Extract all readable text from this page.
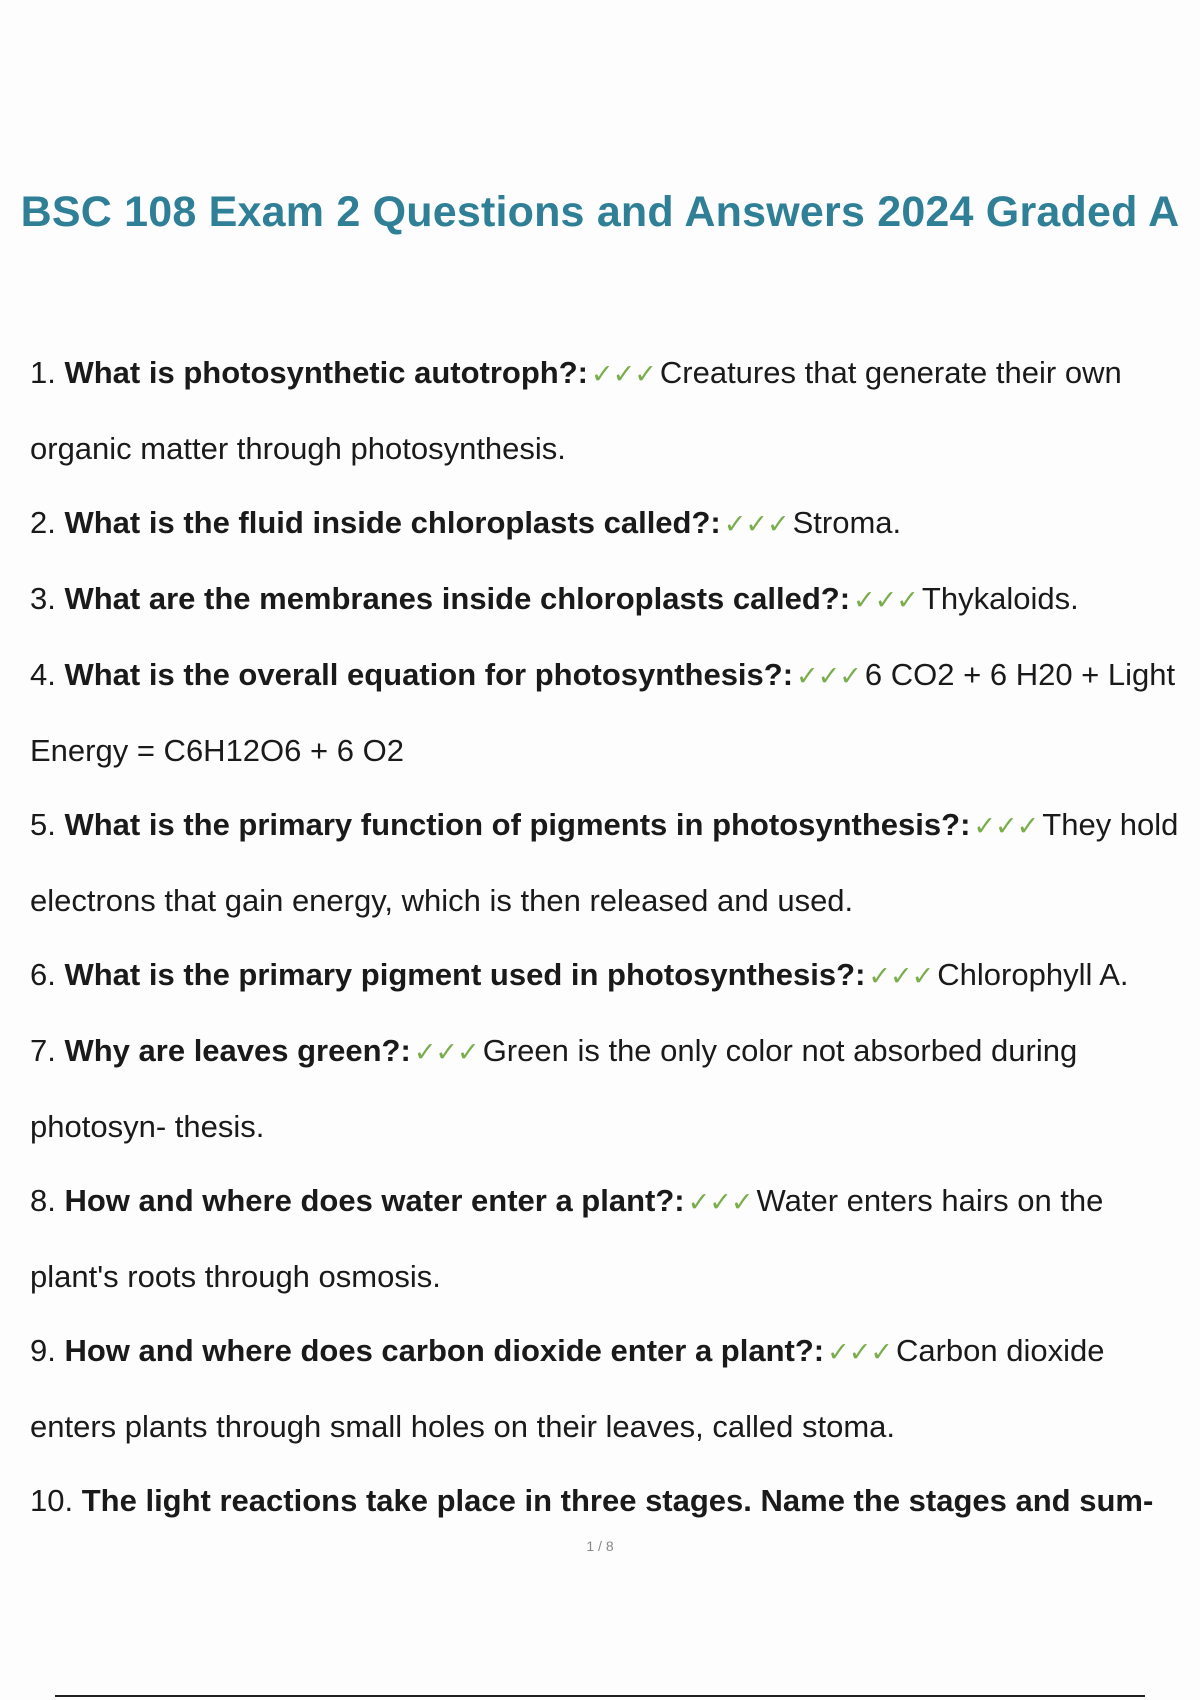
BSC 108 Exam 2 Questions and Answers 2024 Graded A
1. What is photosynthetic autotroph?: ✓✓✓ Creatures that generate their own organic matter through photosynthesis.
2. What is the fluid inside chloroplasts called?: ✓✓✓ Stroma.
3. What are the membranes inside chloroplasts called?: ✓✓✓ Thykaloids.
4. What is the overall equation for photosynthesis?: ✓✓✓ 6 CO2 + 6 H20 + Light Energy = C6H12O6 + 6 O2
5. What is the primary function of pigments in photosynthesis?: ✓✓✓ They hold electrons that gain energy, which is then released and used.
6. What is the primary pigment used in photosynthesis?: ✓✓✓ Chlorophyll A.
7. Why are leaves green?: ✓✓✓ Green is the only color not absorbed during photosyn- thesis.
8. How and where does water enter a plant?: ✓✓✓ Water enters hairs on the plant's roots through osmosis.
9. How and where does carbon dioxide enter a plant?: ✓✓✓ Carbon dioxide enters plants through small holes on their leaves, called stoma.
10. The light reactions take place in three stages. Name the stages and sum-
1 / 8
